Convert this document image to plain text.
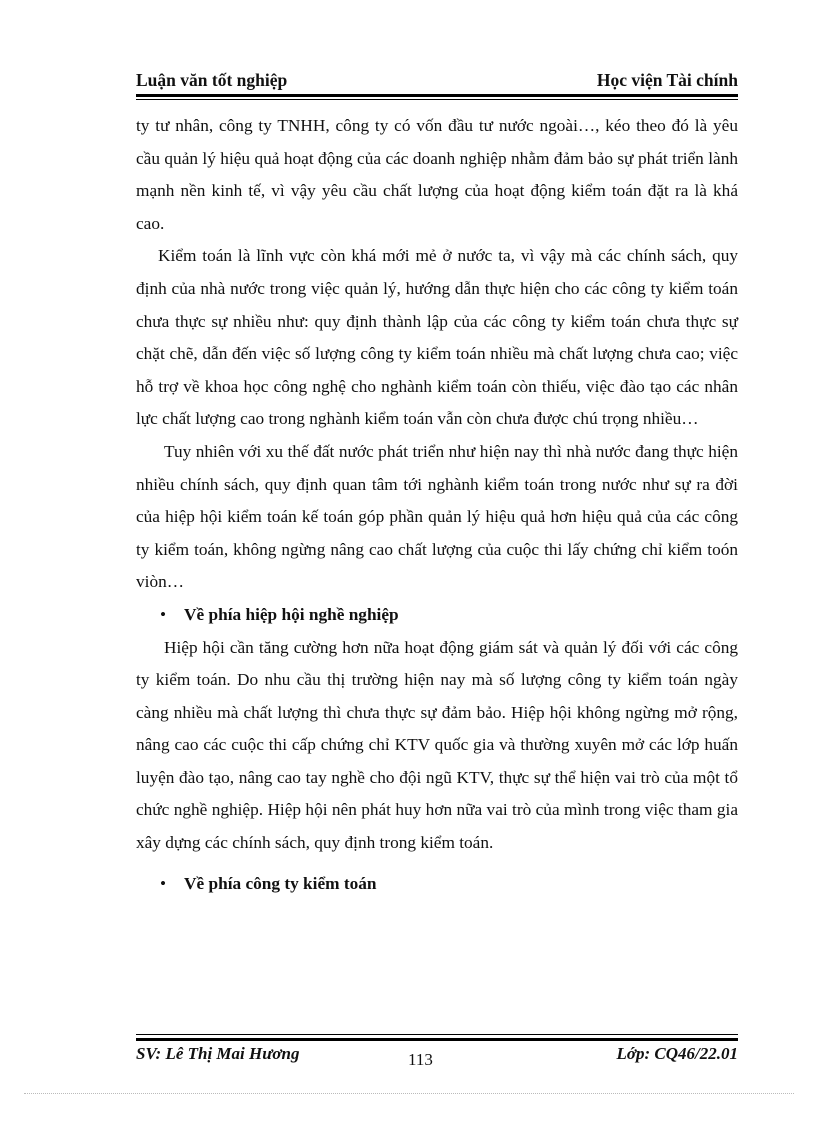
Luận văn tốt nghiệp	Học viện Tài chính

ty tư nhân, công ty TNHH, công ty có vốn đầu tư nước ngoài…, kéo theo đó là yêu cầu quản lý hiệu quả hoạt động của các doanh nghiệp nhằm đảm bảo sự phát triển lành mạnh nền kinh tế, vì vậy yêu cầu chất lượng của hoạt động kiểm toán đặt ra là khá cao.

Kiểm toán là lĩnh vực còn khá mới mẻ ở nước ta, vì vậy mà các chính sách, quy định của nhà nước trong việc quản lý, hướng dẫn thực hiện cho các công ty kiểm toán chưa thực sự nhiều như: quy định thành lập của các công ty kiểm toán chưa thực sự chặt chẽ, dẫn đến việc số lượng công ty kiểm toán nhiều mà chất lượng chưa cao; việc hỗ trợ về khoa học công nghệ cho nghành kiểm toán còn thiếu, việc đào tạo các nhân lực chất lượng cao trong nghành kiểm toán vẫn còn chưa được chú trọng nhiều…

Tuy nhiên với xu thế đất nước phát triển như hiện nay thì nhà nước đang thực hiện nhiều chính sách, quy định quan tâm tới nghành kiểm toán trong nước như sự ra đời của hiệp hội kiểm toán kế toán góp phần quản lý hiệu quả hơn hiệu quả của các công ty kiểm toán, không ngừng nâng cao chất lượng của cuộc thi lấy chứng chỉ kiểm toón viòn…

• Về phía hiệp hội nghề nghiệp

Hiệp hội cần tăng cường hơn nữa hoạt động giám sát và quản lý đối với các công ty kiểm toán. Do nhu cầu thị trường hiện nay mà số lượng công ty kiểm toán ngày càng nhiều mà chất lượng thì chưa thực sự đảm bảo. Hiệp hội không ngừng mở rộng, nâng cao các cuộc thi cấp chứng chỉ KTV quốc gia và thường xuyên mở các lớp huấn luyện đào tạo, nâng cao tay nghề cho đội ngũ KTV, thực sự thể hiện vai trò của một tổ chức nghề nghiệp. Hiệp hội nên phát huy hơn nữa vai trò của mình trong việc tham gia xây dựng các chính sách, quy định trong kiểm toán.

• Về phía công ty kiểm toán

SV: Lê Thị Mai Hương	113	Lớp: CQ46/22.01
